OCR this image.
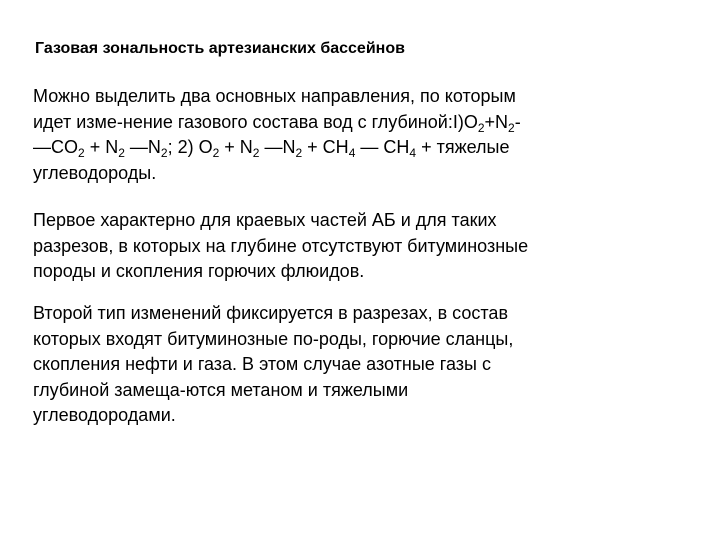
Газовая зональность артезианских бассейнов
Можно выделить два основных направления, по которым
идет изме-нение газового состава вод с $глубиной:I)O_2+N_2-$
$—CO_2 + N_2$ $—N_2$; 2) $O_2 + N_2$ $—N_2 + CH_4$ — $CH_4$ + тяжелые
углеводороды.
Первое характерно для краевых частей АБ и для таких
разрезов, в которых на глубине отсутствуют битуминозные
породы и скопления горючих флюидов.
Второй тип изменений фиксируется в разрезах, в состав
которых входят битуминозные по-роды, горючие сланцы,
скопления нефти и газа. В этом случае азотные газы с
глубиной замеща-ются метаном и тяжелыми
углеводородами.
